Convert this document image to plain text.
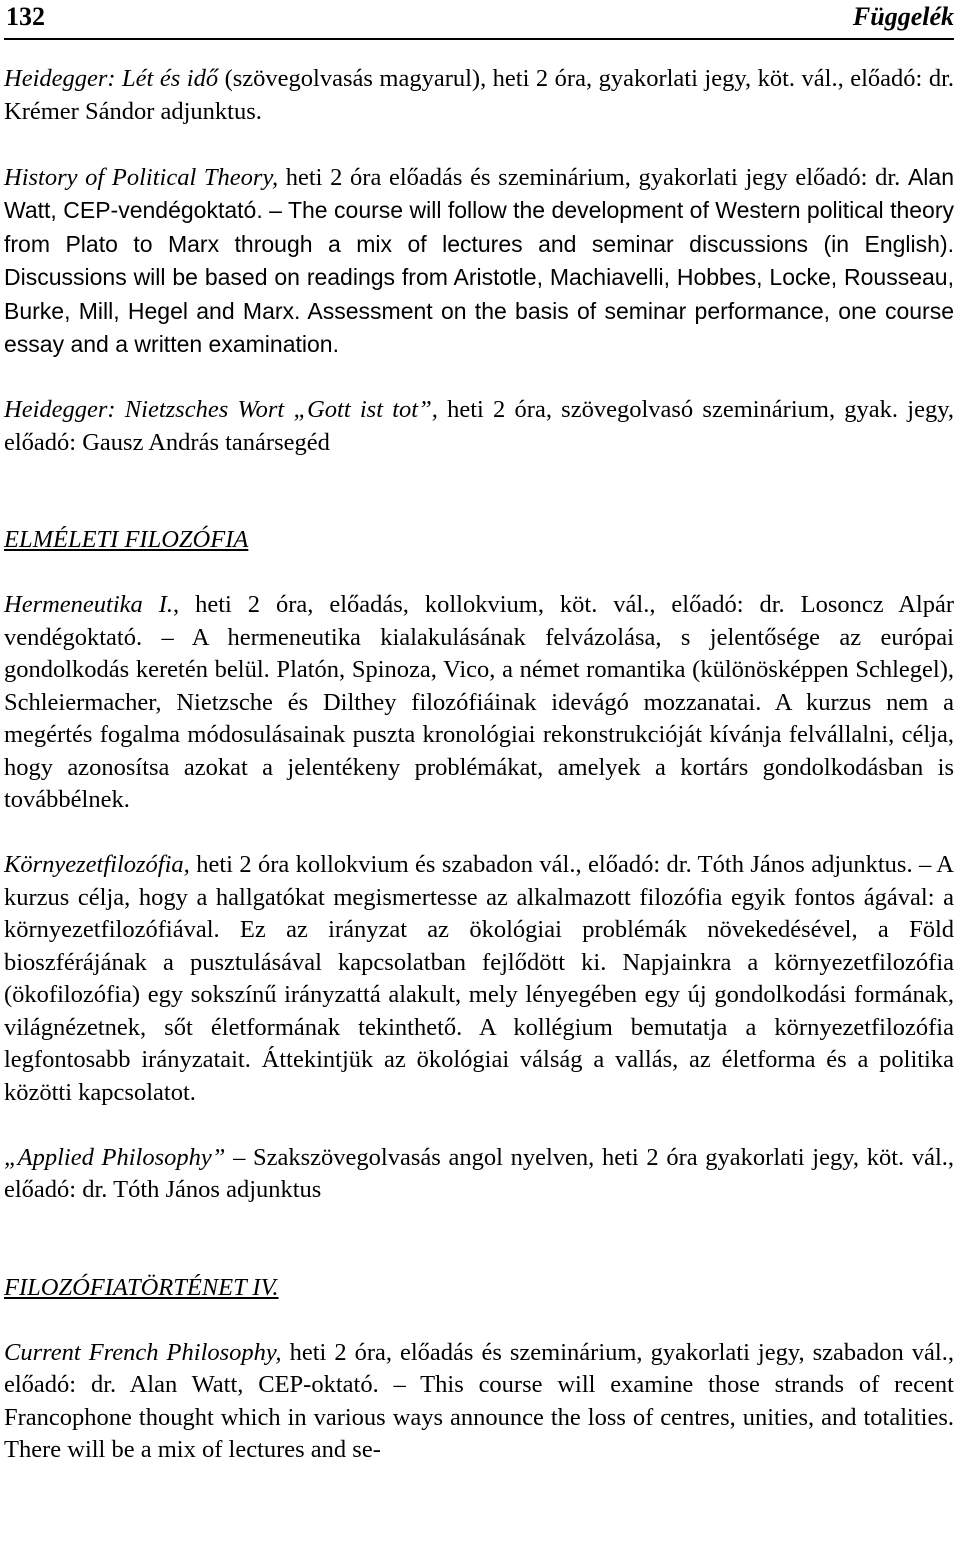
132	Függelék

Heidegger: Lét és idő (szövegolvasás magyarul), heti 2 óra, gyakorlati jegy, köt. vál., előadó: dr. Krémer Sándor adjunktus.

History of Political Theory, heti 2 óra előadás és szeminárium, gyakorlati jegy előadó: dr. Alan Watt, CEP-vendégoktató. – The course will follow the development of Western political theory from Plato to Marx through a mix of lectures and seminar discussions (in English). Discussions will be based on readings from Aristotle, Machiavelli, Hobbes, Locke, Rousseau, Burke, Mill, Hegel and Marx. Assessment on the basis of seminar performance, one course essay and a written examination.

Heidegger: Nietzsches Wort „Gott ist tot”, heti 2 óra, szövegolvasó szeminárium, gyak. jegy, előadó: Gausz András tanársegéd

ELMÉLETI FILOZÓFIA

Hermeneutika I., heti 2 óra, előadás, kollokvium, köt. vál., előadó: dr. Losoncz Alpár vendégoktató. – A hermeneutika kialakulásának felvázolása, s jelentősége az európai gondolkodás keretén belül. Platón, Spinoza, Vico, a német romantika (különösképpen Schlegel), Schleiermacher, Nietzsche és Dilthey filozófiáinak idevágó mozzanatai. A kurzus nem a megértés fogalma módosulásainak puszta kronológiai rekonstrukcióját kívánja felvállalni, célja, hogy azonosítsa azokat a jelentékeny problémákat, amelyek a kortárs gondolkodásban is továbbélnek.

Környezetfilozófia, heti 2 óra kollokvium és szabadon vál., előadó: dr. Tóth János adjunktus. – A kurzus célja, hogy a hallgatókat megismertesse az alkalmazott filozófia egyik fontos ágával: a környezetfilozófiával. Ez az irányzat az ökológiai problémák növekedésével, a Föld bioszférájának a pusztulásával kapcsolatban fejlődött ki. Napjainkra a környezetfilozófia (ökofilozófia) egy sokszínű irányzattá alakult, mely lényegében egy új gondolkodási formának, világnézetnek, sőt életformának tekinthető. A kollégium bemutatja a környezetfilozófia legfontosabb irányzatait. Áttekintjük az ökológiai válság a vallás, az életforma és a politika közötti kapcsolatot.

„Applied Philosophy” – Szakszövegolvasás angol nyelven, heti 2 óra gyakorlati jegy, köt. vál., előadó: dr. Tóth János adjunktus

FILOZÓFIATÖRTÉNET IV.

Current French Philosophy, heti 2 óra, előadás és szeminárium, gyakorlati jegy, szabadon vál., előadó: dr. Alan Watt, CEP-oktató. – This course will examine those strands of recent Francophone thought which in various ways announce the loss of centres, unities, and totalities. There will be a mix of lectures and se-
